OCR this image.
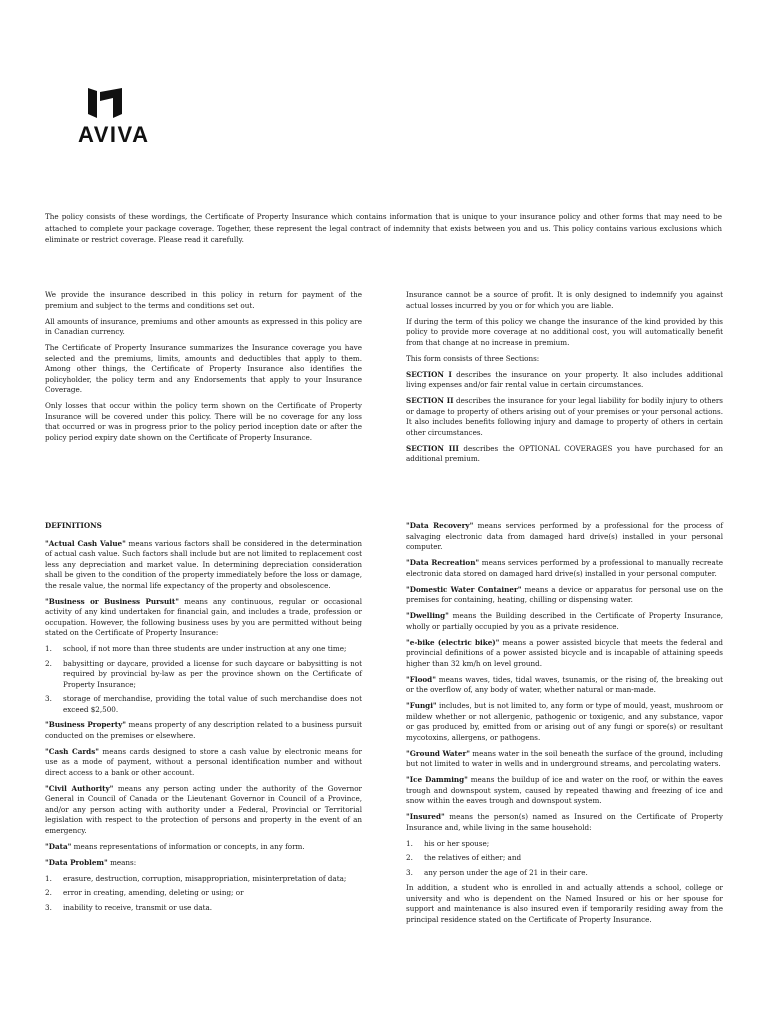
AVIVA
The policy consists of these wordings, the Certificate of Property Insurance which contains information that is unique to your insurance policy and other forms that may need to be attached to complete your package coverage. Together, these represent the legal contract of indemnity that exists between you and us. This policy contains various exclusions which eliminate or restrict coverage. Please read it carefully.

We provide the insurance described in this policy in return for payment of the premium and subject to the terms and conditions set out.

All amounts of insurance, premiums and other amounts as expressed in this policy are in Canadian currency.

The Certificate of Property Insurance summarizes the Insurance coverage you have selected and the premiums, limits, amounts and deductibles that apply to them. Among other things, the Certificate of Property Insurance also identifies the policyholder, the policy term and any Endorsements that apply to your Insurance Coverage.

Only losses that occur within the policy term shown on the Certificate of Property Insurance will be covered under this policy. There will be no coverage for any loss that occurred or was in progress prior to the policy period inception date or after the policy period expiry date shown on the Certificate of Property Insurance.

Insurance cannot be a source of profit. It is only designed to indemnify you against actual losses incurred by you or for which you are liable.

If during the term of this policy we change the insurance of the kind provided by this policy to provide more coverage at no additional cost, you will automatically benefit from that change at no increase in premium.

This form consists of three Sections:

SECTION I describes the insurance on your property. It also includes additional living expenses and/or fair rental value in certain circumstances.

SECTION II describes the insurance for your legal liability for bodily injury to others or damage to property of others arising out of your premises or your personal actions. It also includes benefits following injury and damage to property of others in certain other circumstances.

SECTION III describes the OPTIONAL COVERAGES you have purchased for an additional premium.

DEFINITIONS

"Actual Cash Value" means various factors shall be considered in the determination of actual cash value. Such factors shall include but are not limited to replacement cost less any depreciation and market value. In determining depreciation consideration shall be given to the condition of the property immediately before the loss or damage, the resale value, the normal life expectancy of the property and obsolescence.

"Business or Business Pursuit" means any continuous, regular or occasional activity of any kind undertaken for financial gain, and includes a trade, profession or occupation. However, the following business uses by you are permitted without being stated on the Certificate of Property Insurance:

1.	school, if not more than three students are under instruction at any one time;
2.	babysitting or daycare, provided a license for such daycare or babysitting is not required by provincial by-law as per the province shown on the Certificate of Property Insurance;
3.	storage of merchandise, providing the total value of such merchandise does not exceed $2,500.

"Business Property" means property of any description related to a business pursuit conducted on the premises or elsewhere.

"Cash Cards" means cards designed to store a cash value by electronic means for use as a mode of payment, without a personal identification number and without direct access to a bank or other account.

"Civil Authority" means any person acting under the authority of the Governor General in Council of Canada or the Lieutenant Governor in Council of a Province, and/or any person acting with authority under a Federal, Provincial or Territorial legislation with respect to the protection of persons and property in the event of an emergency.

"Data" means representations of information or concepts, in any form.

"Data Problem" means:

1.	erasure, destruction, corruption, misappropriation, misinterpretation of data;
2.	error in creating, amending, deleting or using; or
3.	inability to receive, transmit or use data.

"Data Recovery" means services performed by a professional for the process of salvaging electronic data from damaged hard drive(s) installed in your personal computer.

"Data Recreation" means services performed by a professional to manually recreate electronic data stored on damaged hard drive(s) installed in your personal computer.

"Domestic Water Container" means a device or apparatus for personal use on the premises for containing, heating, chilling or dispensing water.

"Dwelling" means the Building described in the Certificate of Property Insurance, wholly or partially occupied by you as a private residence.

"e-bike (electric bike)" means a power assisted bicycle that meets the federal and provincial definitions of a power assisted bicycle and is incapable of attaining speeds higher than 32 km/h on level ground.

"Flood" means waves, tides, tidal waves, tsunamis, or the rising of, the breaking out or the overflow of, any body of water, whether natural or man-made.

"Fungi" includes, but is not limited to, any form or type of mould, yeast, mushroom or mildew whether or not allergenic, pathogenic or toxigenic, and any substance, vapor or gas produced by, emitted from or arising out of any fungi or spore(s) or resultant mycotoxins, allergens, or pathogens.

"Ground Water" means water in the soil beneath the surface of the ground, including but not limited to water in wells and in underground streams, and percolating waters.

"Ice Damming" means the buildup of ice and water on the roof, or within the eaves trough and downspout system, caused by repeated thawing and freezing of ice and snow within the eaves trough and downspout system.

"Insured" means the person(s) named as Insured on the Certificate of Property Insurance and, while living in the same household:

1.	his or her spouse;
2.	the relatives of either; and
3.	any person under the age of 21 in their care.

In addition, a student who is enrolled in and actually attends a school, college or university and who is dependent on the Named Insured or his or her spouse for support and maintenance is also insured even if temporarily residing away from the principal residence stated on the Certificate of Property Insurance.
